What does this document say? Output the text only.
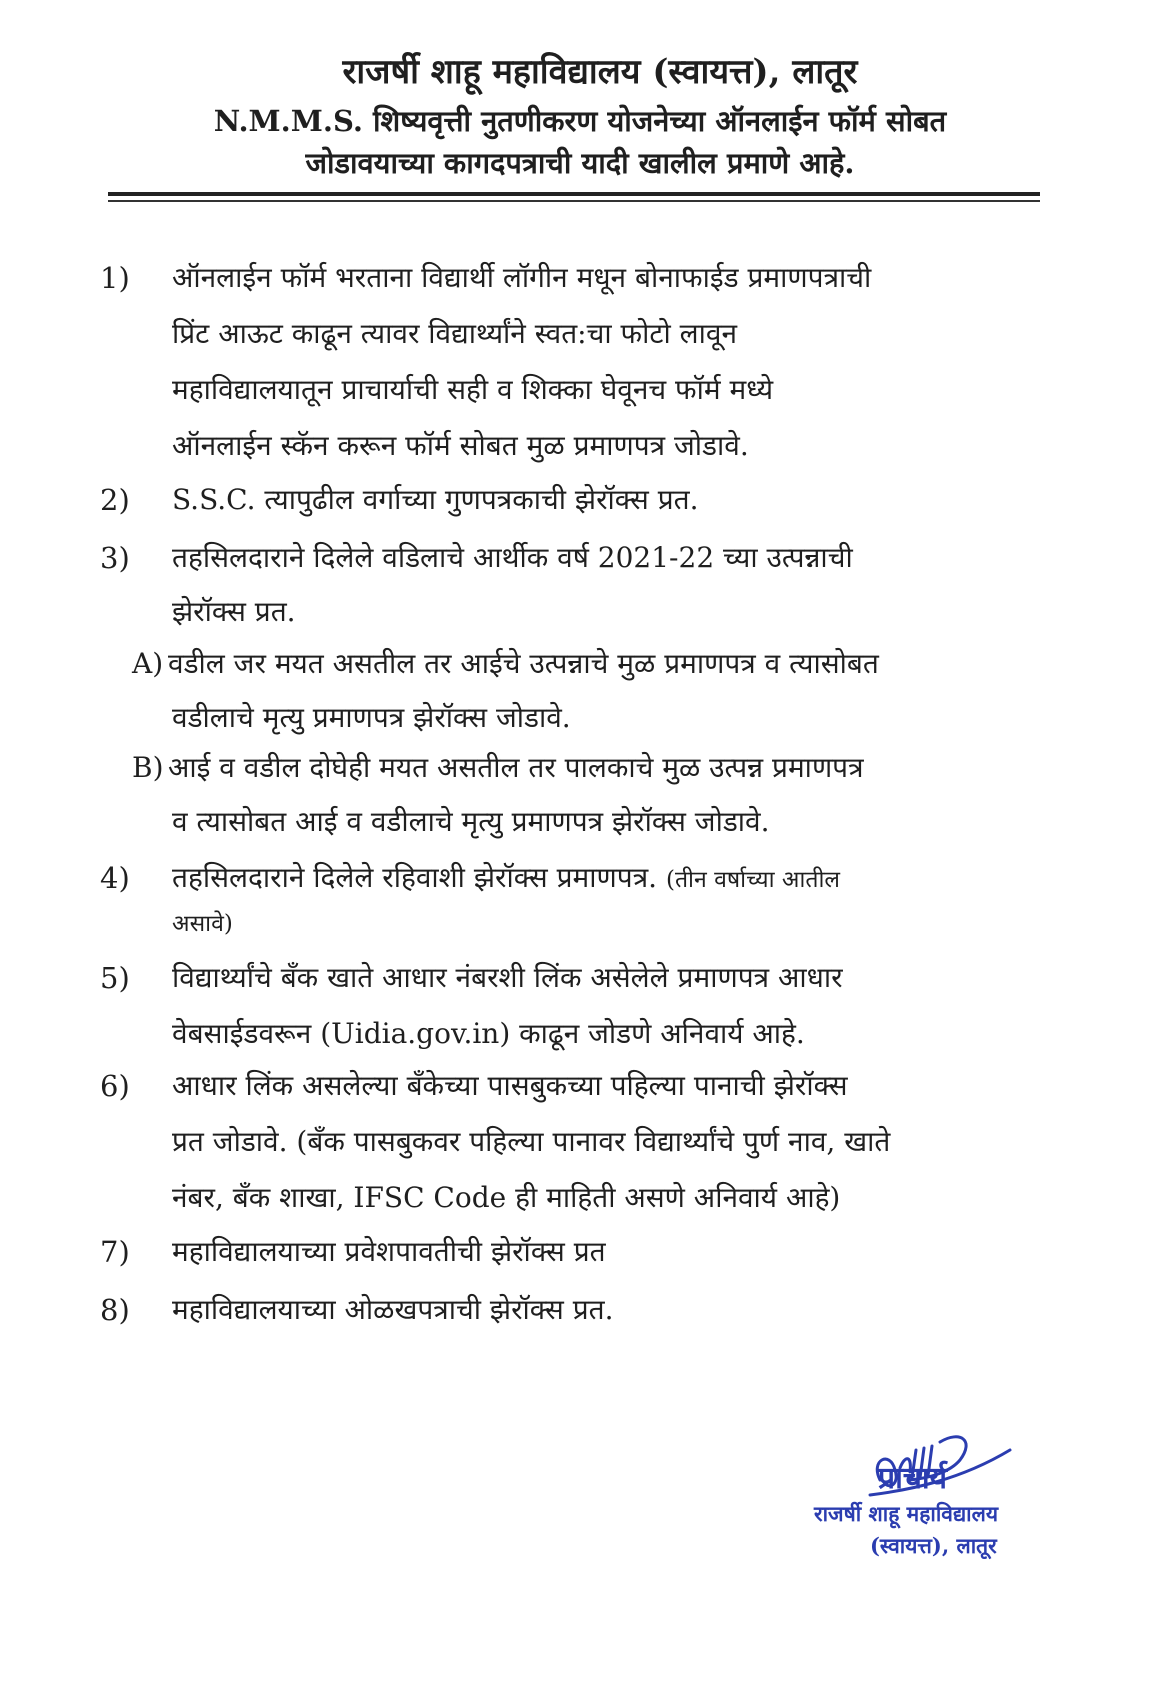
राजर्षी शाहू महाविद्यालय (स्वायत्त), लातूर
N.M.M.S. शिष्यवृत्ती नुतणीकरण योजनेच्या ऑनलाईन फॉर्म सोबत
जोडावयाच्या कागदपत्राची यादी खालील प्रमाणे आहे.
1)	ऑनलाईन फॉर्म भरताना विद्यार्थी लॉगीन मधून बोनाफाईड प्रमाणपत्राची
प्रिंट आऊट काढून त्यावर विद्यार्थ्यांने स्वत:चा फोटो लावून
महाविद्यालयातून प्राचार्याची सही व शिक्का घेवूनच फॉर्म मध्ये
ऑनलाईन स्कॅन करून फॉर्म सोबत मुळ प्रमाणपत्र जोडावे.
2)	S.S.C. त्यापुढील वर्गाच्या गुणपत्रकाची झेरॉक्स प्रत.
3)	तहसिलदाराने दिलेले वडिलाचे आर्थीक वर्ष 2021-22 च्या उत्पन्नाची
झेरॉक्स प्रत.
A) वडील जर मयत असतील तर आईचे उत्पन्नाचे मुळ प्रमाणपत्र व त्यासोबत
वडीलाचे मृत्यु प्रमाणपत्र झेरॉक्स जोडावे.
B) आई व वडील दोघेही मयत असतील तर पालकाचे मुळ उत्पन्न प्रमाणपत्र
व त्यासोबत आई व वडीलाचे मृत्यु प्रमाणपत्र झेरॉक्स जोडावे.
4)	तहसिलदाराने दिलेले रहिवाशी झेरॉक्स प्रमाणपत्र. (तीन वर्षाच्या आतील
असावे)
5)	विद्यार्थ्यांचे बँक खाते आधार नंबरशी लिंक असेलेले प्रमाणपत्र आधार
वेबसाईडवरून (Uidia.gov.in) काढून जोडणे अनिवार्य आहे.
6)	आधार लिंक असलेल्या बँकेच्या पासबुकच्या पहिल्या पानाची झेरॉक्स
प्रत जोडावे. (बँक पासबुकवर पहिल्या पानावर विद्यार्थ्यांचे पुर्ण नाव, खाते
नंबर, बँक शाखा, IFSC Code ही माहिती असणे अनिवार्य आहे)
7)	महाविद्यालयाच्या प्रवेशपावतीची झेरॉक्स प्रत
8)	महाविद्यालयाच्या ओळखपत्राची झेरॉक्स प्रत.
प्राचार्य
राजर्षी शाहू महाविद्यालय
(स्वायत्त), लातूर
